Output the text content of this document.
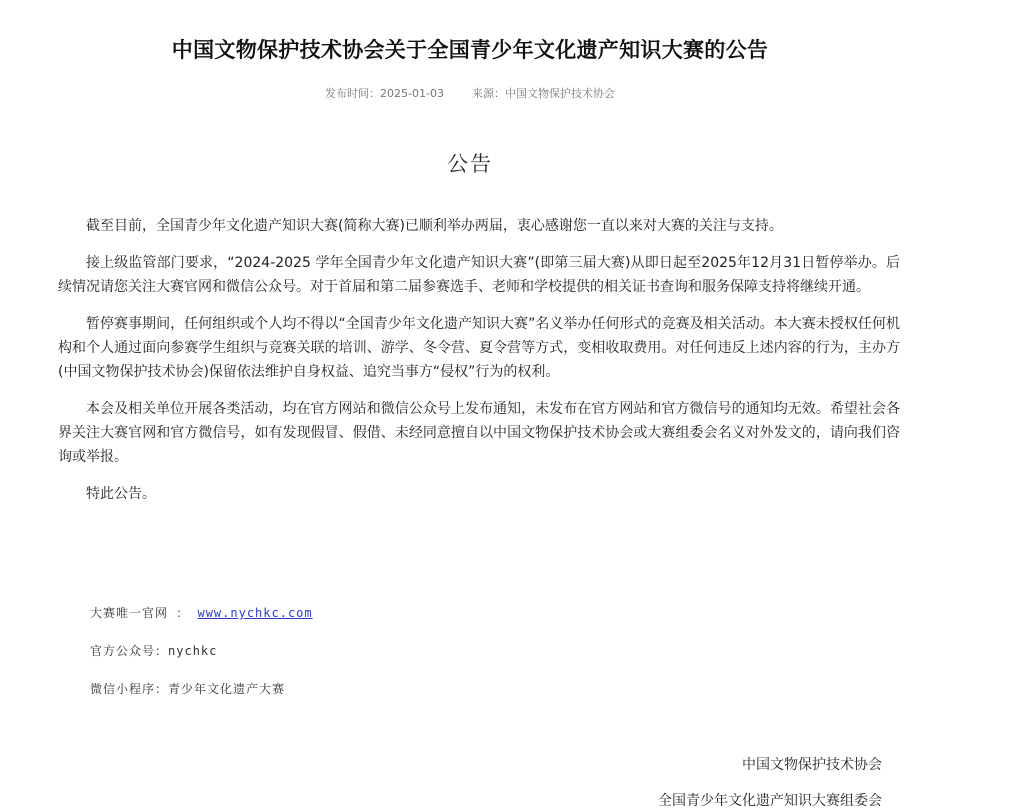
中国文物保护技术协会关于全国青少年文化遗产知识大赛的公告
发布时间：2025-01-03	来源：中国文物保护技术协会
公告

截至目前，全国青少年文化遗产知识大赛(简称大赛)已顺利举办两届，衷心感谢您一直以来对大赛的关注与支持。

接上级监管部门要求，“2024-2025 学年全国青少年文化遗产知识大赛”(即第三届大赛)从即日起至2025年12月31日暂停举办。后续情况请您关注大赛官网和微信公众号。对于首届和第二届参赛选手、老师和学校提供的相关证书查询和服务保障支持将继续开通。

暂停赛事期间，任何组织或个人均不得以“全国青少年文化遗产知识大赛”名义举办任何形式的竞赛及相关活动。本大赛未授权任何机构和个人通过面向参赛学生组织与竞赛关联的培训、游学、冬令营、夏令营等方式，变相收取费用。对任何违反上述内容的行为，主办方(中国文物保护技术协会)保留依法维护自身权益、追究当事方“侵权”行为的权利。

本会及相关单位开展各类活动，均在官方网站和微信公众号上发布通知，未发布在官方网站和官方微信号的通知均无效。希望社会各界关注大赛官网和官方微信号，如有发现假冒、假借、未经同意擅自以中国文物保护技术协会或大赛组委会名义对外发文的，请向我们咨询或举报。

特此公告。

大赛唯一官网 ： www.nychkc.com
官方公众号：nychkc
微信小程序：青少年文化遗产大赛
中国文物保护技术协会
全国青少年文化遗产知识大赛组委会
